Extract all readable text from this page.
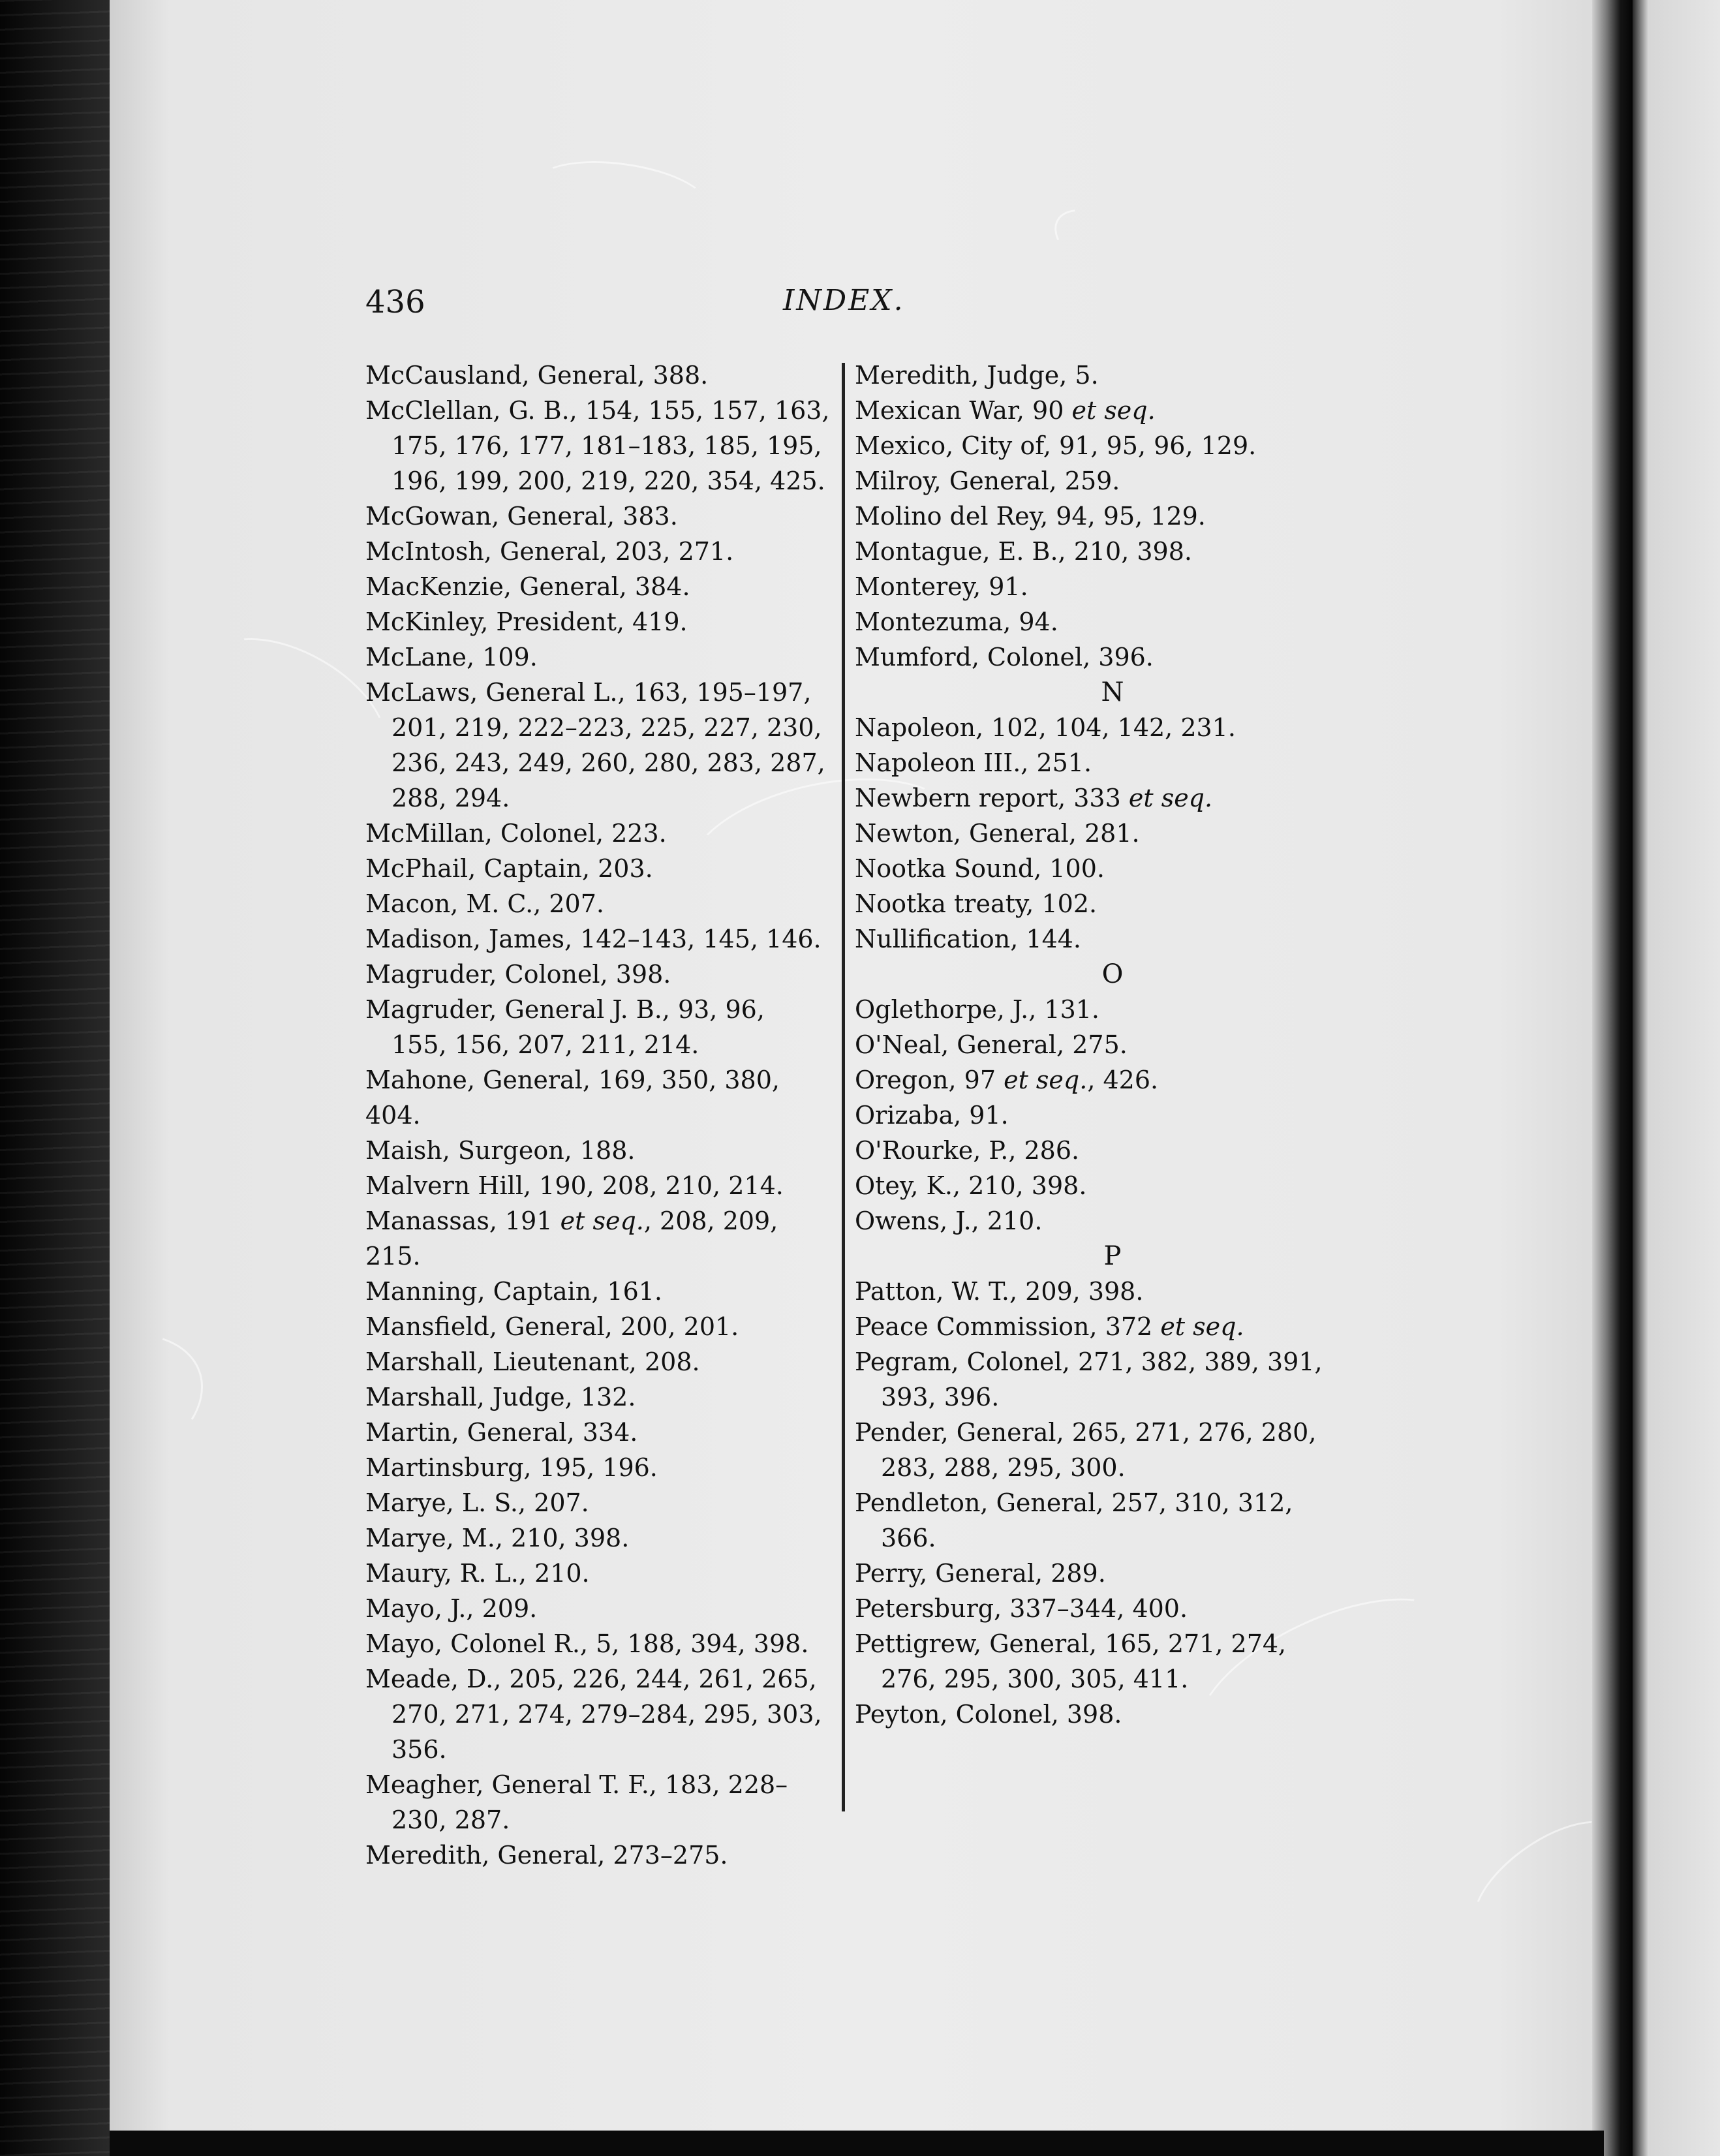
436	INDEX.

McCausland, General, 388.

McClellan, G. B., 154, 155, 157, 163,
175, 176, 177, 181–183, 185, 195,
196, 199, 200, 219, 220, 354, 425.

McGowan, General, 383.

McIntosh, General, 203, 271.

MacKenzie, General, 384.

McKinley, President, 419.

McLane, 109.

McLaws, General L., 163, 195–197,
201, 219, 222–223, 225, 227, 230,
236, 243, 249, 260, 280, 283, 287,
288, 294.

McMillan, Colonel, 223.

McPhail, Captain, 203.

Macon, M. C., 207.

Madison, James, 142–143, 145, 146.

Magruder, Colonel, 398.

Magruder, General J. B., 93, 96,
155, 156, 207, 211, 214.

Mahone, General, 169, 350, 380, 404.

Maish, Surgeon, 188.

Malvern Hill, 190, 208, 210, 214.

Manassas, 191 et seq., 208, 209, 215.

Manning, Captain, 161.

Mansfield, General, 200, 201.

Marshall, Lieutenant, 208.

Marshall, Judge, 132.

Martin, General, 334.

Martinsburg, 195, 196.

Marye, L. S., 207.

Marye, M., 210, 398.

Maury, R. L., 210.

Mayo, J., 209.

Mayo, Colonel R., 5, 188, 394, 398.

Meade, D., 205, 226, 244, 261, 265,
270, 271, 274, 279–284, 295, 303,
356.

Meagher, General T. F., 183, 228–
230, 287.

Meredith, General, 273–275.

Meredith, Judge, 5.

Mexican War, 90 et seq.

Mexico, City of, 91, 95, 96, 129.

Milroy, General, 259.

Molino del Rey, 94, 95, 129.

Montague, E. B., 210, 398.

Monterey, 91.

Montezuma, 94.

Mumford, Colonel, 396.

N

Napoleon, 102, 104, 142, 231.

Napoleon III., 251.

Newbern report, 333 et seq.

Newton, General, 281.

Nootka Sound, 100.

Nootka treaty, 102.

Nullification, 144.

O

Oglethorpe, J., 131.

O'Neal, General, 275.

Oregon, 97 et seq., 426.

Orizaba, 91.

O'Rourke, P., 286.

Otey, K., 210, 398.

Owens, J., 210.

P

Patton, W. T., 209, 398.

Peace Commission, 372 et seq.

Pegram, Colonel, 271, 382, 389, 391,
393, 396.

Pender, General, 265, 271, 276, 280,
283, 288, 295, 300.

Pendleton, General, 257, 310, 312,
366.

Perry, General, 289.

Petersburg, 337–344, 400.

Pettigrew, General, 165, 271, 274,
276, 295, 300, 305, 411.

Peyton, Colonel, 398.
